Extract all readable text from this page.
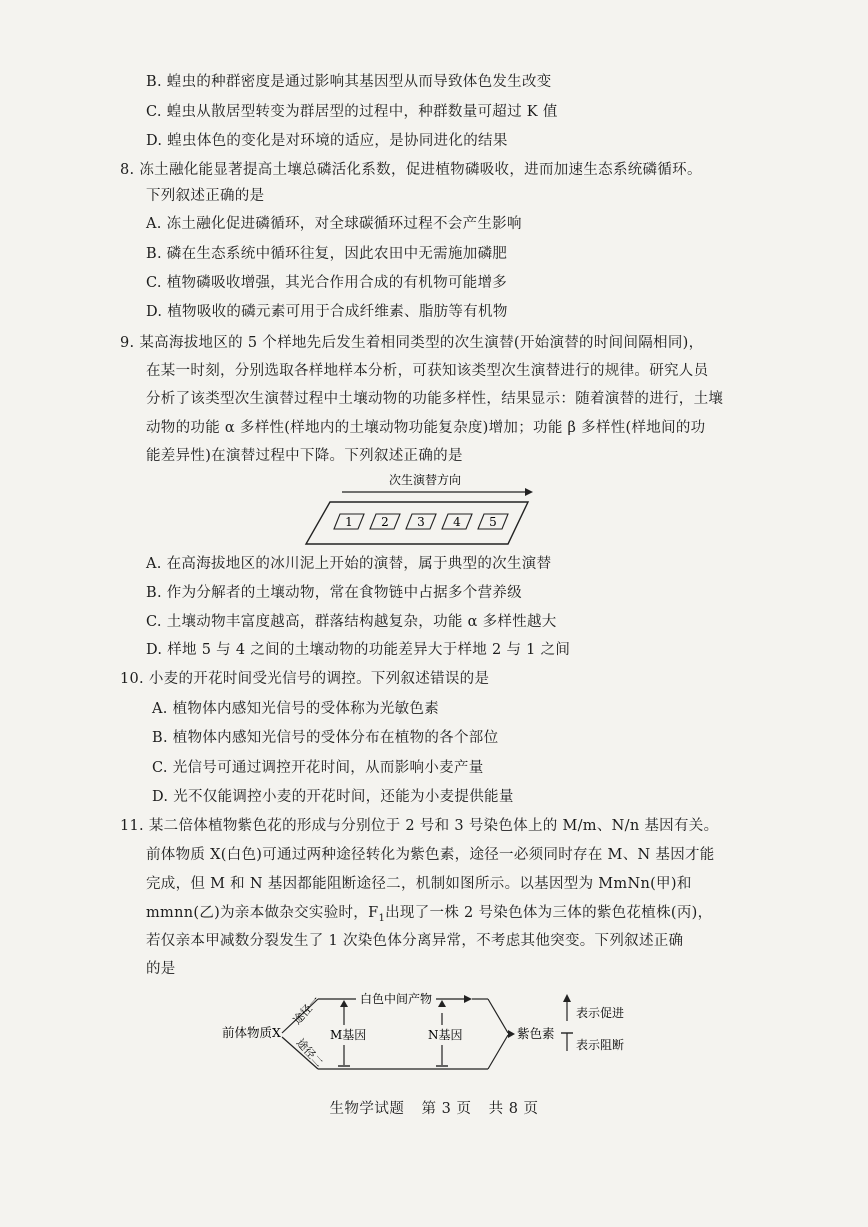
B. 蝗虫的种群密度是通过影响其基因型从而导致体色发生改变
C. 蝗虫从散居型转变为群居型的过程中，种群数量可超过 K 值
D. 蝗虫体色的变化是对环境的适应，是协同进化的结果
8. 冻土融化能显著提高土壤总磷活化系数，促进植物磷吸收，进而加速生态系统磷循环。
下列叙述正确的是
A. 冻土融化促进磷循环，对全球碳循环过程不会产生影响
B. 磷在生态系统中循环往复，因此农田中无需施加磷肥
C. 植物磷吸收增强，其光合作用合成的有机物可能增多
D. 植物吸收的磷元素可用于合成纤维素、脂肪等有机物
9. 某高海拔地区的 5 个样地先后发生着相同类型的次生演替(开始演替的时间间隔相同)，
在某一时刻，分别选取各样地样本分析，可获知该类型次生演替进行的规律。研究人员
分析了该类型次生演替过程中土壤动物的功能多样性，结果显示：随着演替的进行，土壤
动物的功能 α 多样性(样地内的土壤动物功能复杂度)增加；功能 β 多样性(样地间的功
能差异性)在演替过程中下降。下列叙述正确的是
次生演替方向
1 2 3 4 5
A. 在高海拔地区的冰川泥上开始的演替，属于典型的次生演替
B. 作为分解者的土壤动物，常在食物链中占据多个营养级
C. 土壤动物丰富度越高，群落结构越复杂，功能 α 多样性越大
D. 样地 5 与 4 之间的土壤动物的功能差异大于样地 2 与 1 之间
10. 小麦的开花时间受光信号的调控。下列叙述错误的是
A. 植物体内感知光信号的受体称为光敏色素
B. 植物体内感知光信号的受体分布在植物的各个部位
C. 光信号可通过调控开花时间，从而影响小麦产量
D. 光不仅能调控小麦的开花时间，还能为小麦提供能量
11. 某二倍体植物紫色花的形成与分别位于 2 号和 3 号染色体上的 M/m、N/n 基因有关。
前体物质 X(白色)可通过两种途径转化为紫色素，途径一必须同时存在 M、N 基因才能
完成，但 M 和 N 基因都能阻断途径二，机制如图所示。以基因型为 MmNn(甲)和
mmnn(乙)为亲本做杂交实验时，$F_1$出现了一株 2 号染色体为三体的紫色花植株(丙)，
若仅亲本甲减数分裂发生了 1 次染色体分离异常，不考虑其他突变。下列叙述正确
的是
前体物质X
途径一	白色中间产物
途径二
M基因	N基因	紫色素
表示促进
表示阻断
生物学试题 第 3 页 共 8 页
